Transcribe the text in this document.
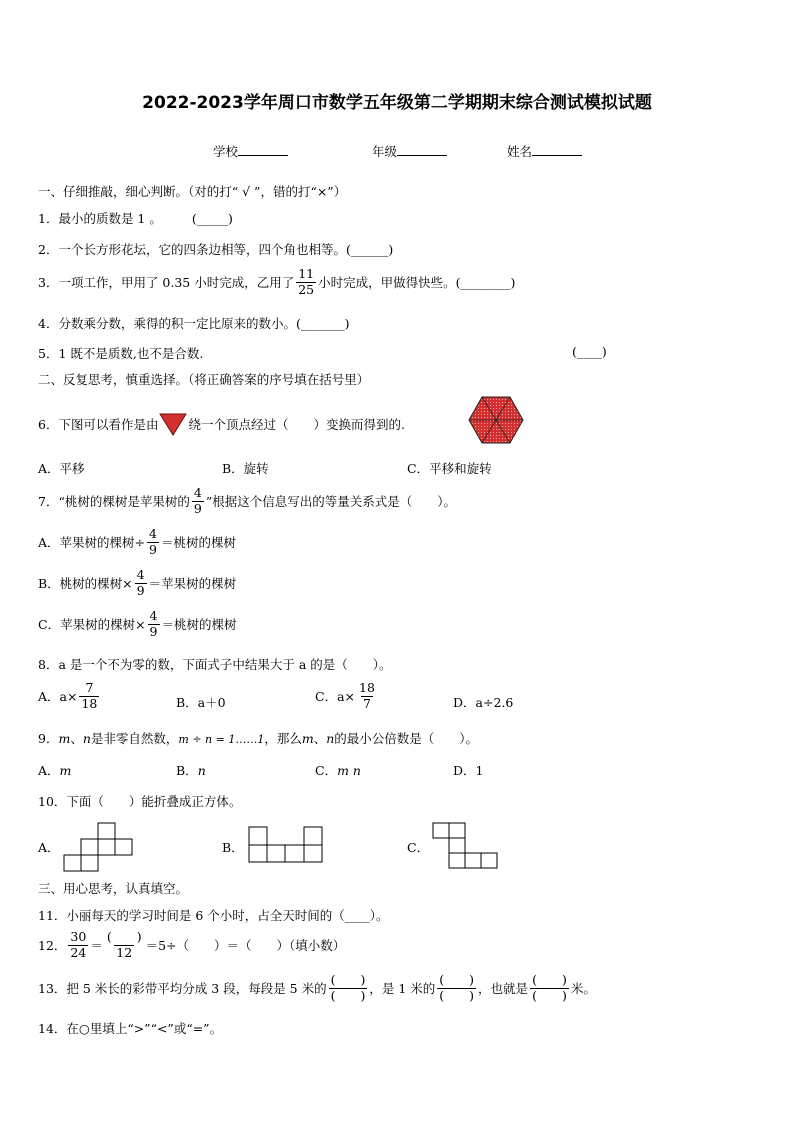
2022-2023学年周口市数学五年级第二学期期末综合测试模拟试题
学校	年级	姓名
一、仔细推敲，细心判断。（对的打“ √ ”，错的打“×”）
1．最小的质数是 1 。 (_____)
2．一个长方形花坛，它的四条边相等，四个角也相等。(______)
3．一项工作，甲用了 0.35 小时完成，乙用了 $\frac{11}{25}$ 小时完成，甲做得快些。(________)
4．分数乘分数，乘得的积一定比原来的数小。(_______)
5．1 既不是质数,也不是合数.	(____)
二、反复思考，慎重选择。（将正确答案的序号填在括号里）
6．下图可以看作是由 绕一个顶点经过（　　）变换而得到的.
A．平移	B．旋转	C．平移和旋转
7．“桃树的棵树是苹果树的 $\frac{4}{9}$ ”根据这个信息写出的等量关系式是（　　）。
A．苹果树的棵树÷ $\frac{4}{9}$ ＝桃树的棵树
B．桃树的棵树× $\frac{4}{9}$ ＝苹果树的棵树
C．苹果树的棵树× $\frac{4}{9}$ ＝桃树的棵树
8．a 是一个不为零的数，下面式子中结果大于 a 的是（　　）。
A．$a\times \frac{7}{18}$	B．a＋0	C．$a\times \frac{18}{7}$	D．a÷2.6
9．m、n是非零自然数，m ÷ n = 1……1，那么m、n的最小公倍数是（　　）。
A．m	B．n	C．m n	D．1
10．下面（　　）能折叠成正方体。
A．	B．	C．
三、用心思考，认真填空。
11．小丽每天的学习时间是 6 个小时，占全天时间的（____）。
12． $\frac{30}{24} = \frac{( )}{12} =5\div$（　　）＝（　　）（填小数）
13．把 5 米长的彩带平均分成 3 段，每段是 5 米的 $\frac{( )}{( )}$ ，是 1 米的 $\frac{( )}{( )}$ ，也就是 $\frac{( )}{( )}$ 米。
14．在○里填上“>”“<”或“=”。
